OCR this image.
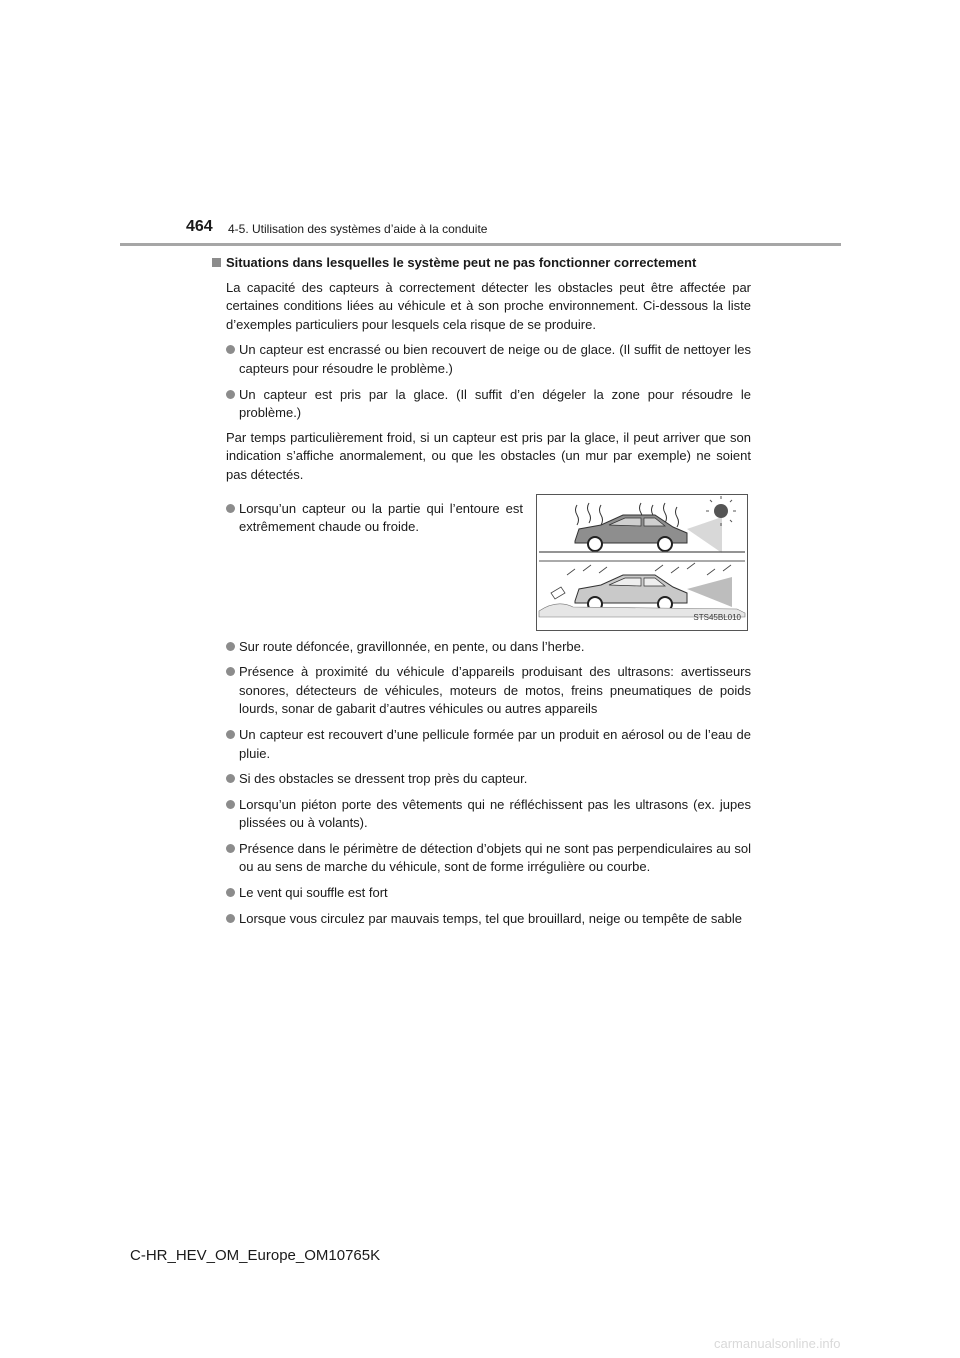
464 4-5. Utilisation des systèmes d’aide à la conduite
Situations dans lesquelles le système peut ne pas fonctionner correctement
La capacité des capteurs à correctement détecter les obstacles peut être affectée par certaines conditions liées au véhicule et à son proche environnement. Ci-dessous la liste d’exemples particuliers pour lesquels cela risque de se produire.
Un capteur est encrassé ou bien recouvert de neige ou de glace. (Il suffit de nettoyer les capteurs pour résoudre le problème.)
Un capteur est pris par la glace. (Il suffit d’en dégeler la zone pour résoudre le problème.)
Par temps particulièrement froid, si un capteur est pris par la glace, il peut arriver que son indication s’affiche anormalement, ou que les obstacles (un mur par exemple) ne soient pas détectés.
Lorsqu’un capteur ou la partie qui l’entoure est extrêmement chaude ou froide.
STS45BL010
Sur route défoncée, gravillonnée, en pente, ou dans l’herbe.
Présence à proximité du véhicule d’appareils produisant des ultrasons: avertisseurs sonores, détecteurs de véhicules, moteurs de motos, freins pneumatiques de poids lourds, sonar de gabarit d’autres véhicules ou autres appareils
Un capteur est recouvert d’une pellicule formée par un produit en aérosol ou de l’eau de pluie.
Si des obstacles se dressent trop près du capteur.
Lorsqu’un piéton porte des vêtements qui ne réfléchissent pas les ultrasons (ex. jupes plissées ou à volants).
Présence dans le périmètre de détection d’objets qui ne sont pas perpendiculaires au sol ou au sens de marche du véhicule, sont de forme irrégulière ou courbe.
Le vent qui souffle est fort
Lorsque vous circulez par mauvais temps, tel que brouillard, neige ou tempête de sable
C-HR_HEV_OM_Europe_OM10765K
carmanualsonline.info
